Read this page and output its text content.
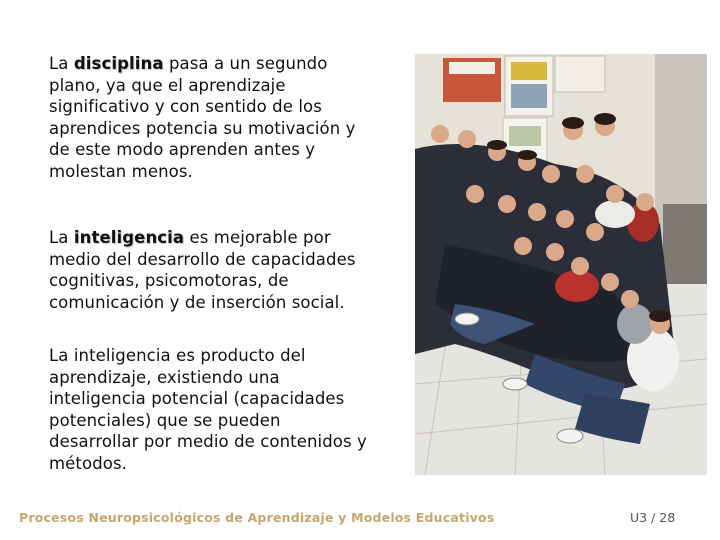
La disciplina pasa a un segundo plano, ya que el aprendizaje significativo y con sentido de los aprendices potencia su motivación y de este modo aprenden antes y molestan menos.
La inteligencia es mejorable por medio del desarrollo de capacidades cognitivas, psicomotoras, de comunicación y de inserción social.
La inteligencia es producto del aprendizaje, existiendo una inteligencia potencial (capacidades potenciales) que se pueden desarrollar por medio de contenidos y métodos.
Procesos Neuropsicológicos de Aprendizaje y Modelos Educativos	U3 / 28
